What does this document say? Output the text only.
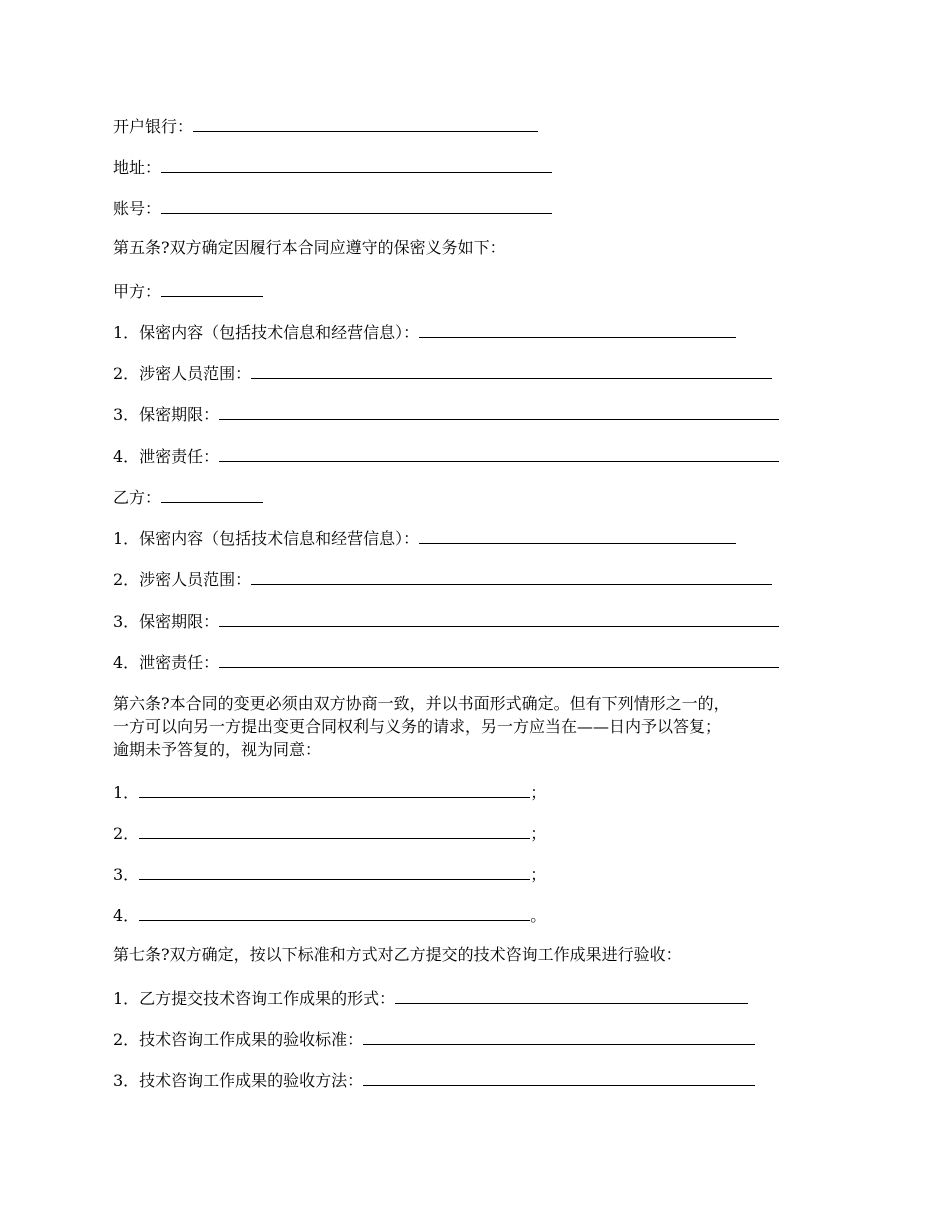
开户银行：
地址：
账号：
第五条?双方确定因履行本合同应遵守的保密义务如下：
甲方：
1．保密内容（包括技术信息和经营信息）：
2．涉密人员范围：
3．保密期限：
4．泄密责任：
乙方：
1．保密内容（包括技术信息和经营信息）：
2．涉密人员范围：
3．保密期限：
4．泄密责任：
第六条?本合同的变更必须由双方协商一致，并以书面形式确定。但有下列情形之一的，
一方可以向另一方提出变更合同权利与义务的请求，另一方应当在——日内予以答复；
逾期未予答复的，视为同意：
1．	；
2．	；
3．	；
4．	。
第七条?双方确定，按以下标准和方式对乙方提交的技术咨询工作成果进行验收：
1．乙方提交技术咨询工作成果的形式：
2．技术咨询工作成果的验收标准：
3．技术咨询工作成果的验收方法：
